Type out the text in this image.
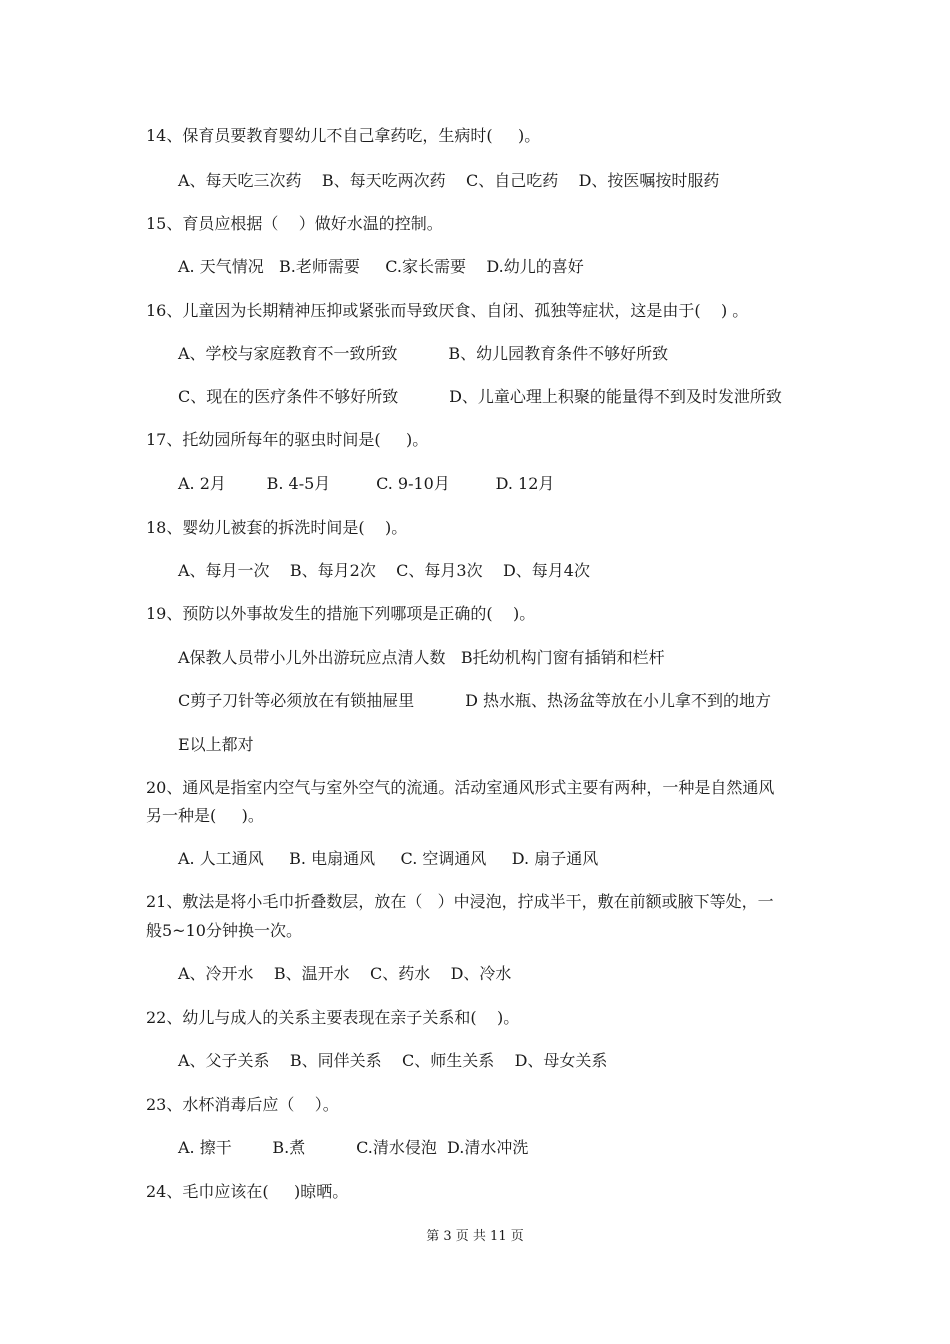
14、保育员要教育婴幼儿不自己拿药吃，生病时(     )。
A、每天吃三次药    B、每天吃两次药    C、自己吃药    D、按医嘱按时服药
15、育员应根据（    ）做好水温的控制。
A. 天气情况   B.老师需要     C.家长需要    D.幼儿的喜好
16、儿童因为长期精神压抑或紧张而导致厌食、自闭、孤独等症状，这是由于(    ) 。
A、学校与家庭教育不一致所致          B、幼儿园教育条件不够好所致
C、现在的医疗条件不够好所致          D、儿童心理上积聚的能量得不到及时发泄所致
17、托幼园所每年的驱虫时间是(     )。
A. 2月        B. 4-5月         C. 9-10月         D. 12月
18、婴幼儿被套的拆洗时间是(    )。
A、每月一次    B、每月2次    C、每月3次    D、每月4次
19、预防以外事故发生的措施下列哪项是正确的(    )。
A保教人员带小儿外出游玩应点清人数   B托幼机构门窗有插销和栏杆
C剪子刀针等必须放在有锁抽屉里          D 热水瓶、热汤盆等放在小儿拿不到的地方
E以上都对
20、通风是指室内空气与室外空气的流通。活动室通风形式主要有两种，一种是自然通风
另一种是(     )。
A. 人工通风     B. 电扇通风     C. 空调通风     D. 扇子通风
21、敷法是将小毛巾折叠数层，放在（   ）中浸泡，拧成半干，敷在前额或腋下等处，一
般5~10分钟换一次。
A、冷开水    B、温开水    C、药水    D、冷水
22、幼儿与成人的关系主要表现在亲子关系和(    )。
A、父子关系    B、同伴关系    C、师生关系    D、母女关系
23、水杯消毒后应（    ）。
A. 擦干        B.煮          C.清水侵泡  D.清水冲洗
24、毛巾应该在(     )晾晒。
第 3 页 共 11 页
